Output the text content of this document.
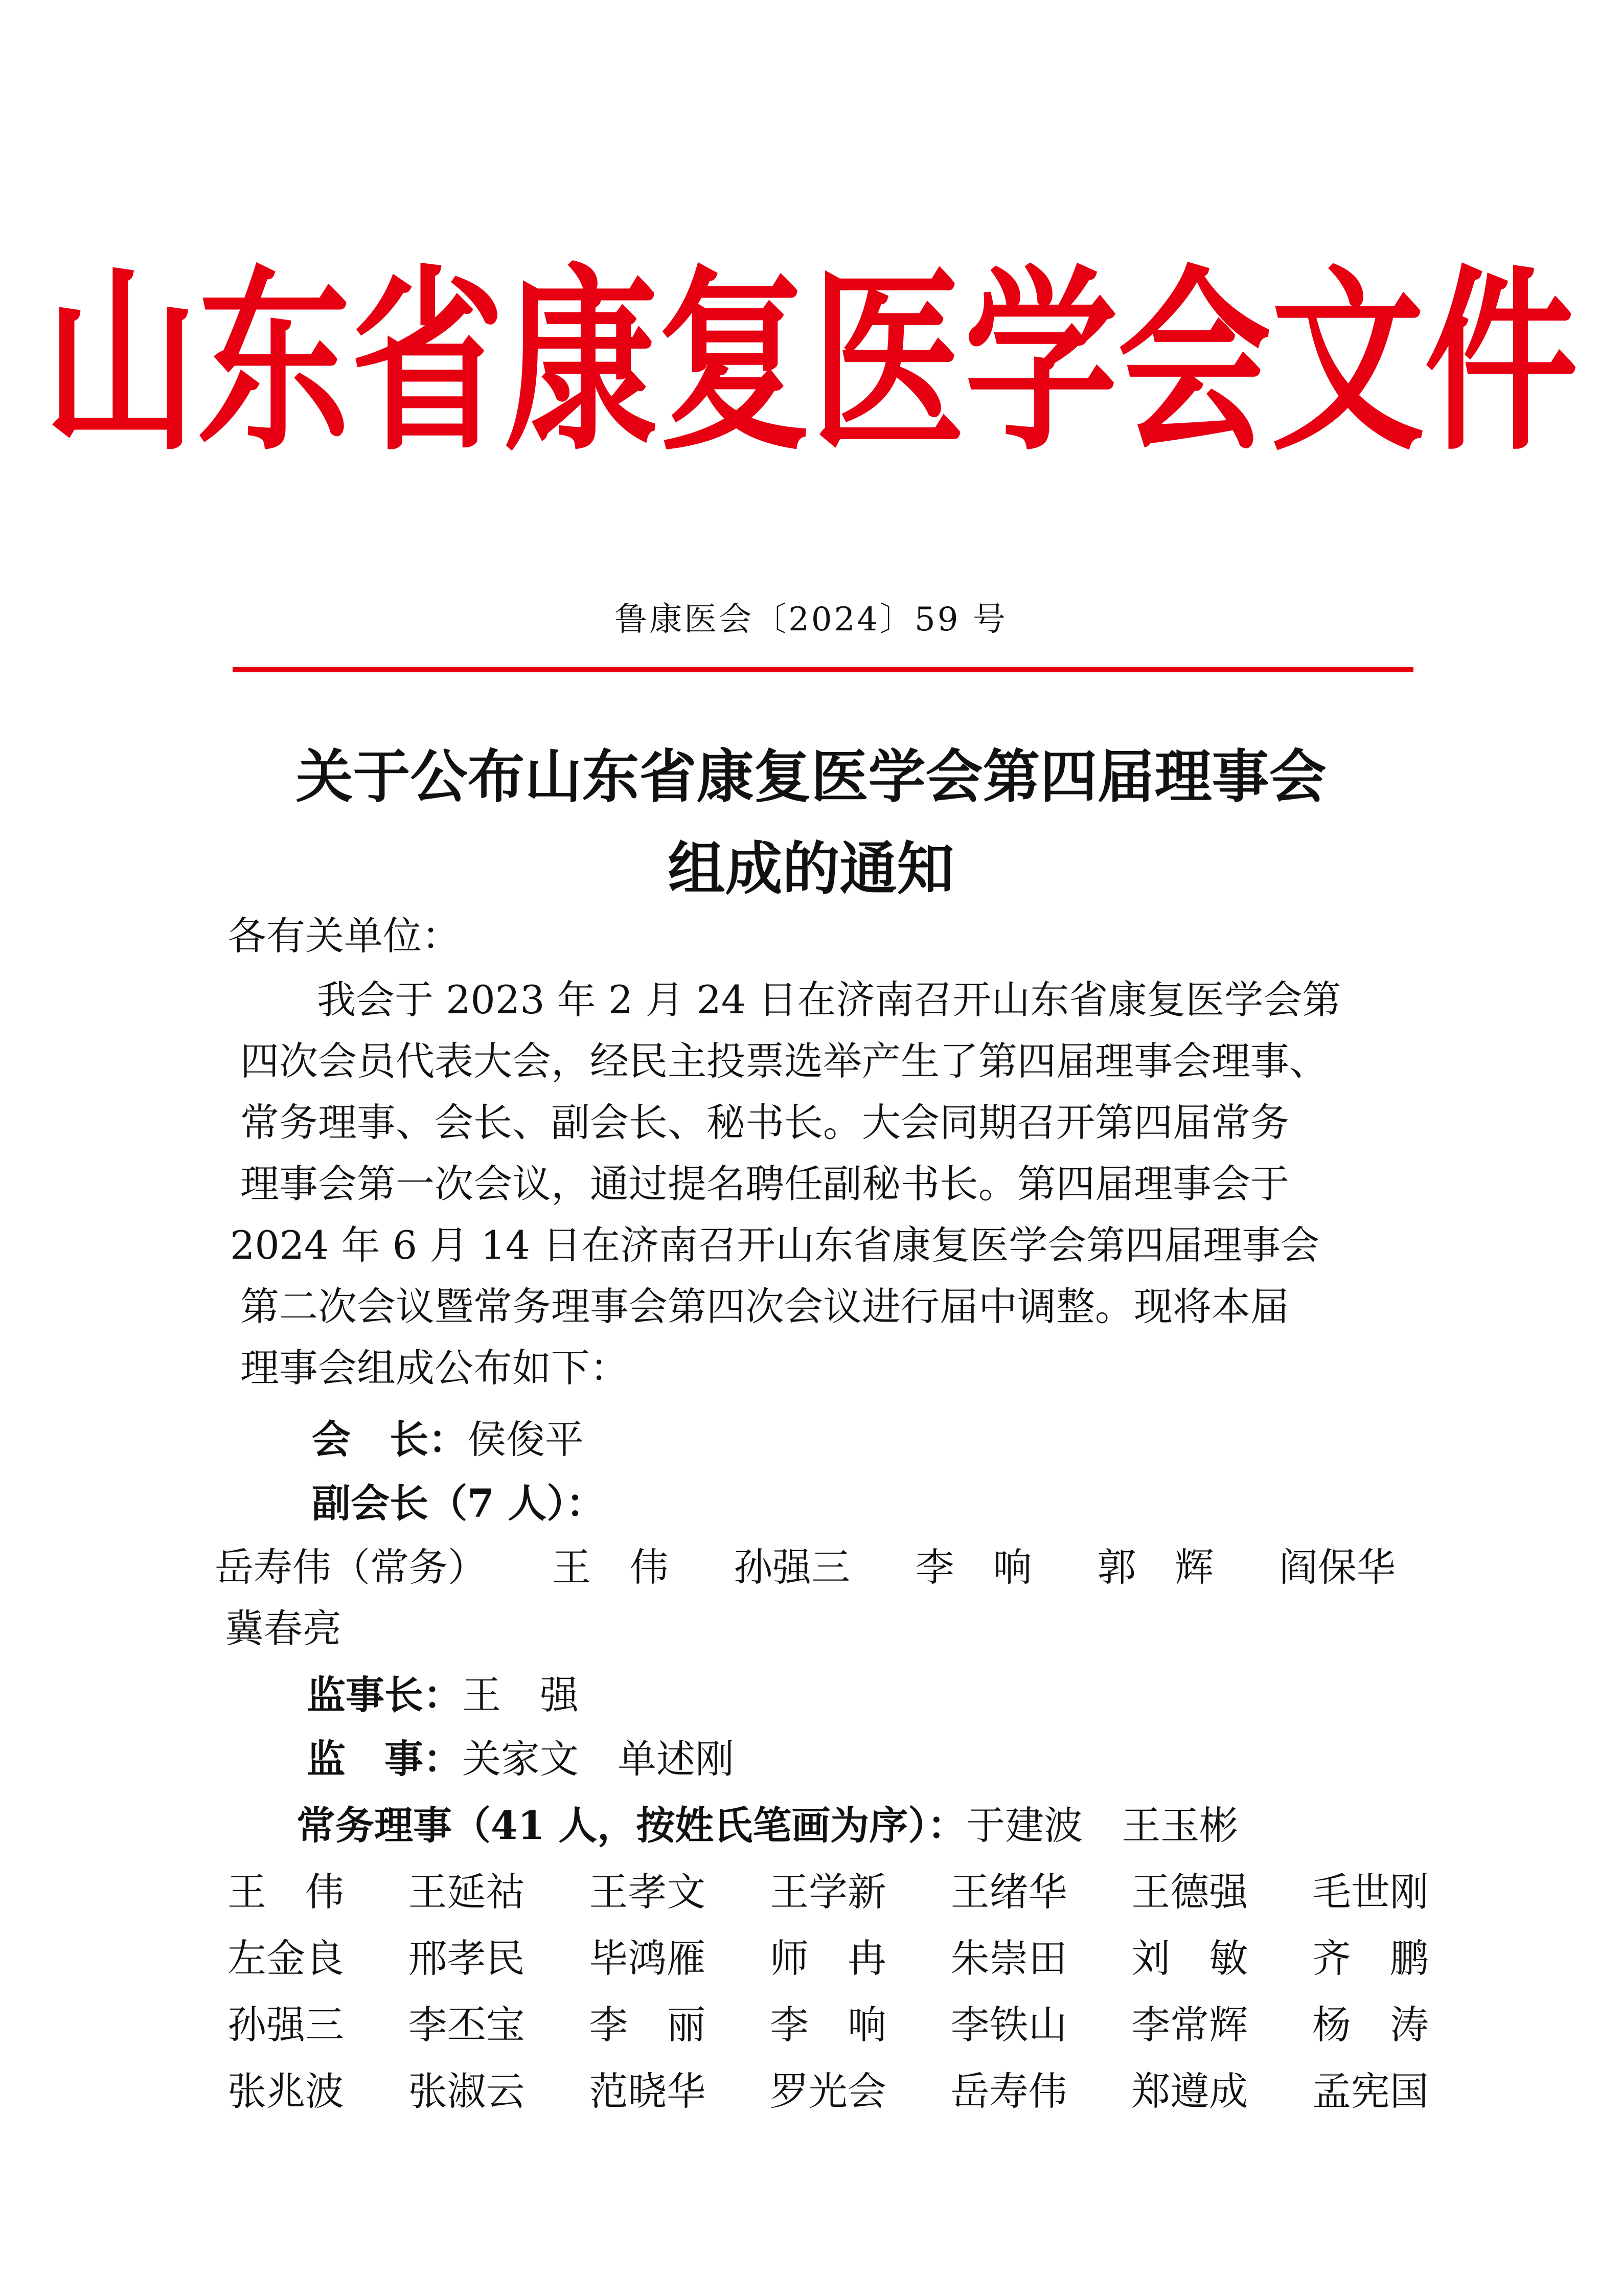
山东省康复医学会文件
鲁康医会〔2024〕59 号
关于公布山东省康复医学会第四届理事会
组成的通知
各有关单位：
我会于 2023 年 2 月 24 日在济南召开山东省康复医学会第
四次会员代表大会，经民主投票选举产生了第四届理事会理事、
常务理事、会长、副会长、秘书长。大会同期召开第四届常务
理事会第一次会议，通过提名聘任副秘书长。第四届理事会于
2024 年 6 月 14 日在济南召开山东省康复医学会第四届理事会
第二次会议暨常务理事会第四次会议进行届中调整。现将本届
理事会组成公布如下：
会　长：侯俊平
副会长（7 人）：
岳寿伟（常务） 王　伟 孙强三 李　响 郭　辉 阎保华
冀春亮
监事长：王　强
监　事：关家文　单述刚
常务理事（41 人，按姓氏笔画为序）：于建波　王玉彬
王　伟 王延祜 王孝文 王学新 王绪华 王德强 毛世刚
左金良 邢孝民 毕鸿雁 师　冉 朱崇田 刘　敏 齐　鹏
孙强三 李丕宝 李　丽 李　响 李铁山 李常辉 杨　涛
张兆波 张淑云 范晓华 罗光会 岳寿伟 郑遵成 孟宪国
